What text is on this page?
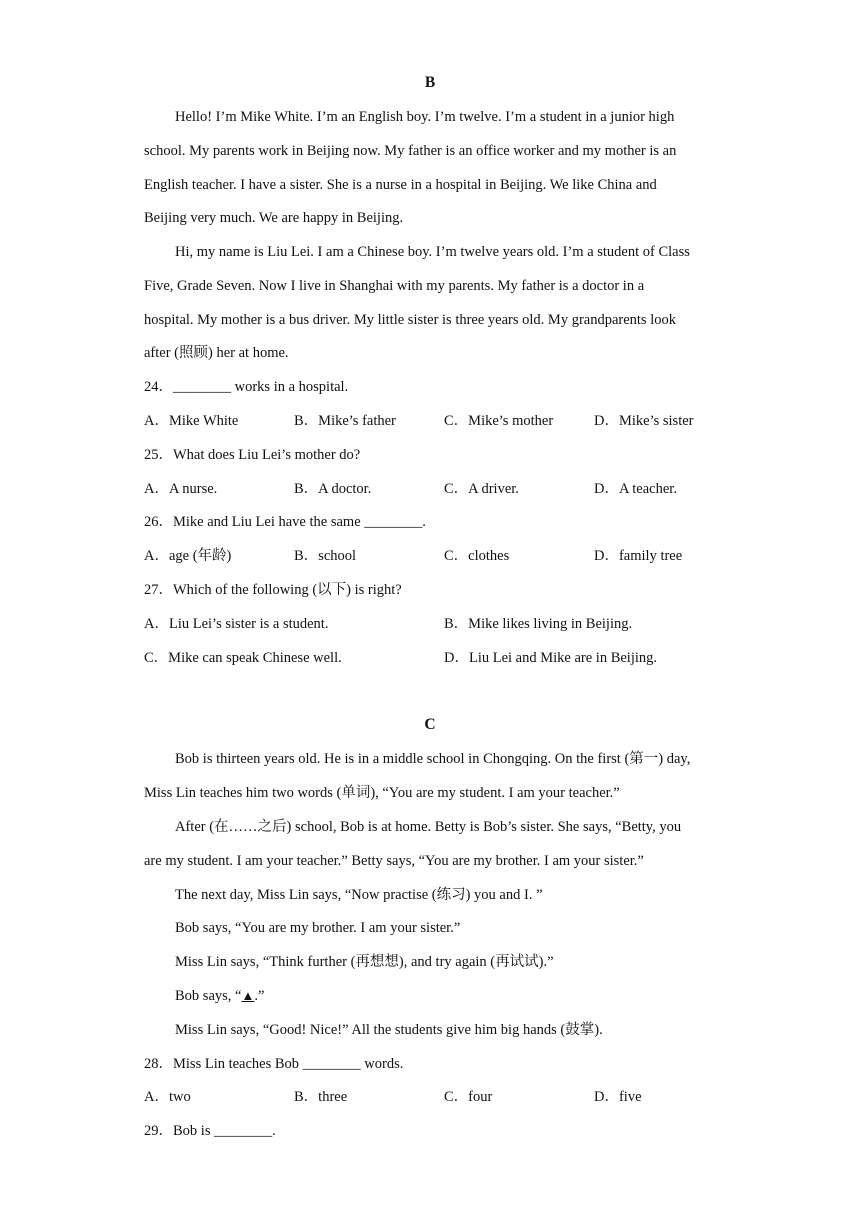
B
Hello! I’m Mike White. I’m an English boy. I’m twelve. I’m a student in a junior high
school. My parents work in Beijing now. My father is an office worker and my mother is an
English teacher. I have a sister. She is a nurse in a hospital in Beijing. We like China and
Beijing very much. We are happy in Beijing.
Hi, my name is Liu Lei. I am a Chinese boy. I’m twelve years old. I’m a student of Class
Five, Grade Seven. Now I live in Shanghai with my parents. My father is a doctor in a
hospital. My mother is a bus driver. My little sister is three years old. My grandparents look
after (照顾) her at home.
24．________ works in a hospital.
A．Mike White	B．Mike’s father	C．Mike’s mother	D．Mike’s sister
25．What does Liu Lei’s mother do?
A．A nurse.	B．A doctor.	C．A driver.	D．A teacher.
26．Mike and Liu Lei have the same ________.
A．age (年龄)	B．school	C．clothes	D．family tree
27．Which of the following (以下) is right?
A．Liu Lei’s sister is a student.	B．Mike likes living in Beijing.
C．Mike can speak Chinese well.	D．Liu Lei and Mike are in Beijing.
C
Bob is thirteen years old. He is in a middle school in Chongqing. On the first (第一) day,
Miss Lin teaches him two words (单词), “You are my student. I am your teacher.”
After (在……之后) school, Bob is at home. Betty is Bob’s sister. She says, “Betty, you
are my student. I am your teacher.” Betty says, “You are my brother. I am your sister.”
The next day, Miss Lin says, “Now practise (练习) you and I. ”
Bob says, “You are my brother. I am your sister.”
Miss Lin says, “Think further (再想想), and try again (再试试).”
Bob says, “▲.”
Miss Lin says, “Good! Nice!” All the students give him big hands (鼓掌).
28．Miss Lin teaches Bob ________ words.
A．two	B．three	C．four	D．five
29．Bob is ________.
